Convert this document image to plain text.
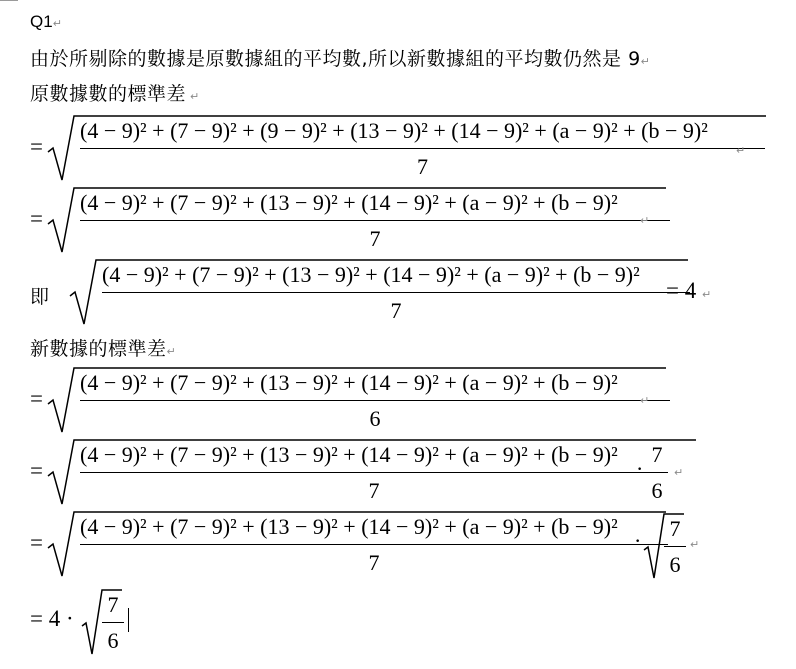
Q1↵
由於所剔除的數據是原數據組的平均數,所以新數據組的平均數仍然是 9↵
原數據數的標準差 ↵
=
(4 − 9)² + (7 − 9)² + (9 − 9)² + (13 − 9)² + (14 − 9)² + (a − 9)² + (b − 9)²
7
↵
=
(4 − 9)² + (7 − 9)² + (13 − 9)² + (14 − 9)² + (a − 9)² + (b − 9)²
7
↵
即
(4 − 9)² + (7 − 9)² + (13 − 9)² + (14 − 9)² + (a − 9)² + (b − 9)²
7
= 4 ↵
新數據的標準差↵
=
(4 − 9)² + (7 − 9)² + (13 − 9)² + (14 − 9)² + (a − 9)² + (b − 9)²
6
↵
=
(4 − 9)² + (7 − 9)² + (13 − 9)² + (14 − 9)² + (a − 9)² + (b − 9)²
7
·
7
6
↵
=
(4 − 9)² + (7 − 9)² + (13 − 9)² + (14 − 9)² + (a − 9)² + (b − 9)²
7
· 7
6
↵
= 4 ·
7
6
